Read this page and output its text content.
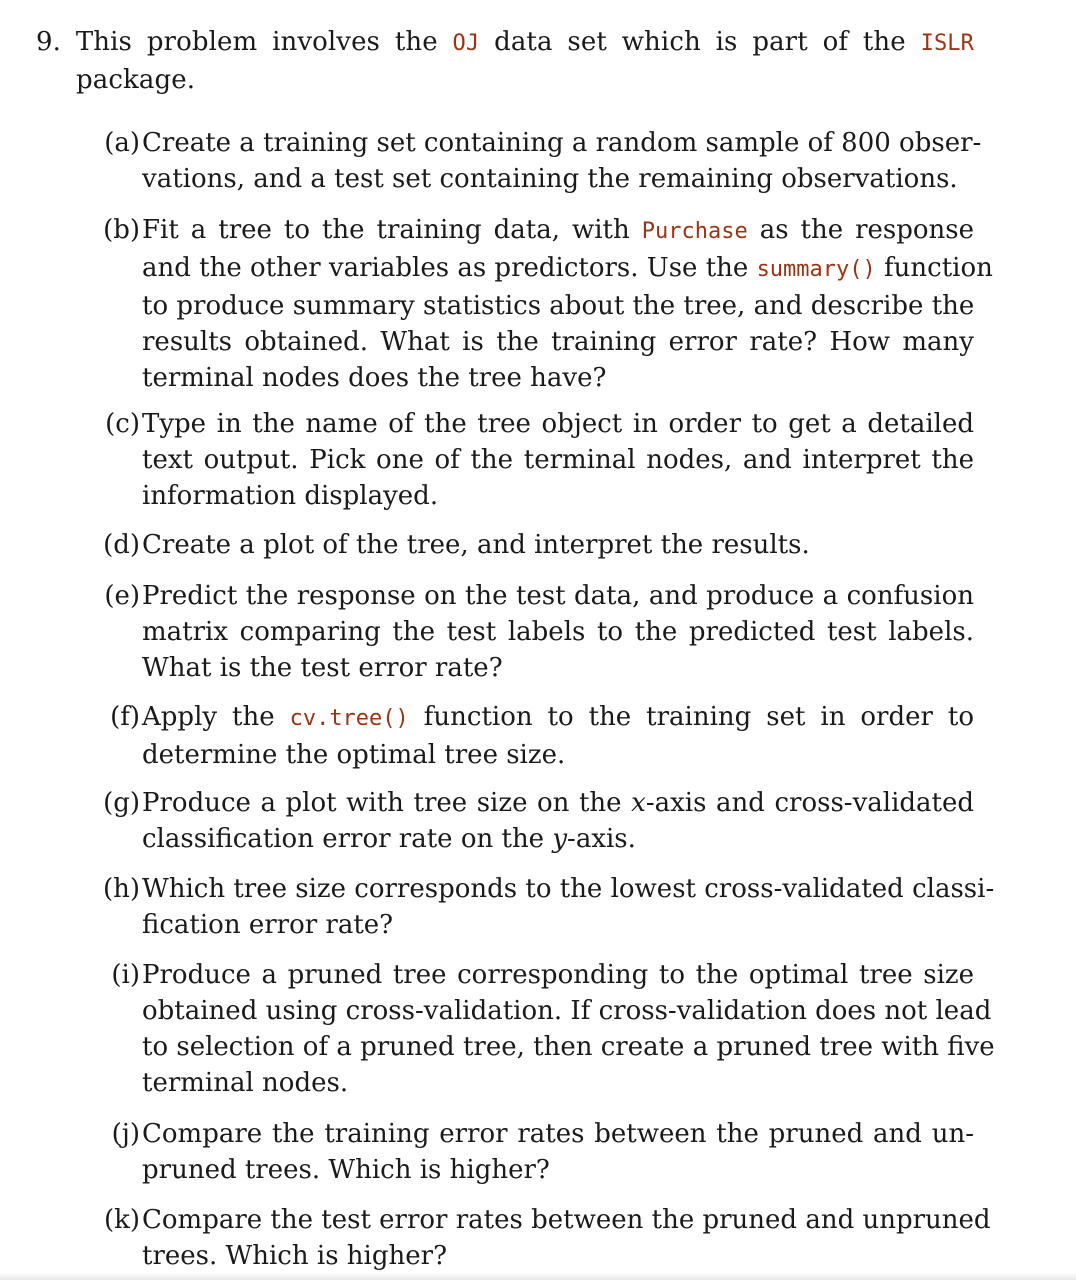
9. This problem involves the OJ data set which is part of the ISLR
package.
(a) Create a training set containing a random sample of 800 obser-
vations, and a test set containing the remaining observations.
(b) Fit a tree to the training data, with Purchase as the response
and the other variables as predictors. Use the summary() function
to produce summary statistics about the tree, and describe the
results obtained. What is the training error rate? How many
terminal nodes does the tree have?
(c) Type in the name of the tree object in order to get a detailed
text output. Pick one of the terminal nodes, and interpret the
information displayed.
(d) Create a plot of the tree, and interpret the results.
(e) Predict the response on the test data, and produce a confusion
matrix comparing the test labels to the predicted test labels.
What is the test error rate?
(f) Apply the cv.tree() function to the training set in order to
determine the optimal tree size.
(g) Produce a plot with tree size on the x-axis and cross-validated
classification error rate on the y-axis.
(h) Which tree size corresponds to the lowest cross-validated classi-
fication error rate?
(i) Produce a pruned tree corresponding to the optimal tree size
obtained using cross-validation. If cross-validation does not lead
to selection of a pruned tree, then create a pruned tree with five
terminal nodes.
(j) Compare the training error rates between the pruned and un-
pruned trees. Which is higher?
(k) Compare the test error rates between the pruned and unpruned
trees. Which is higher?
